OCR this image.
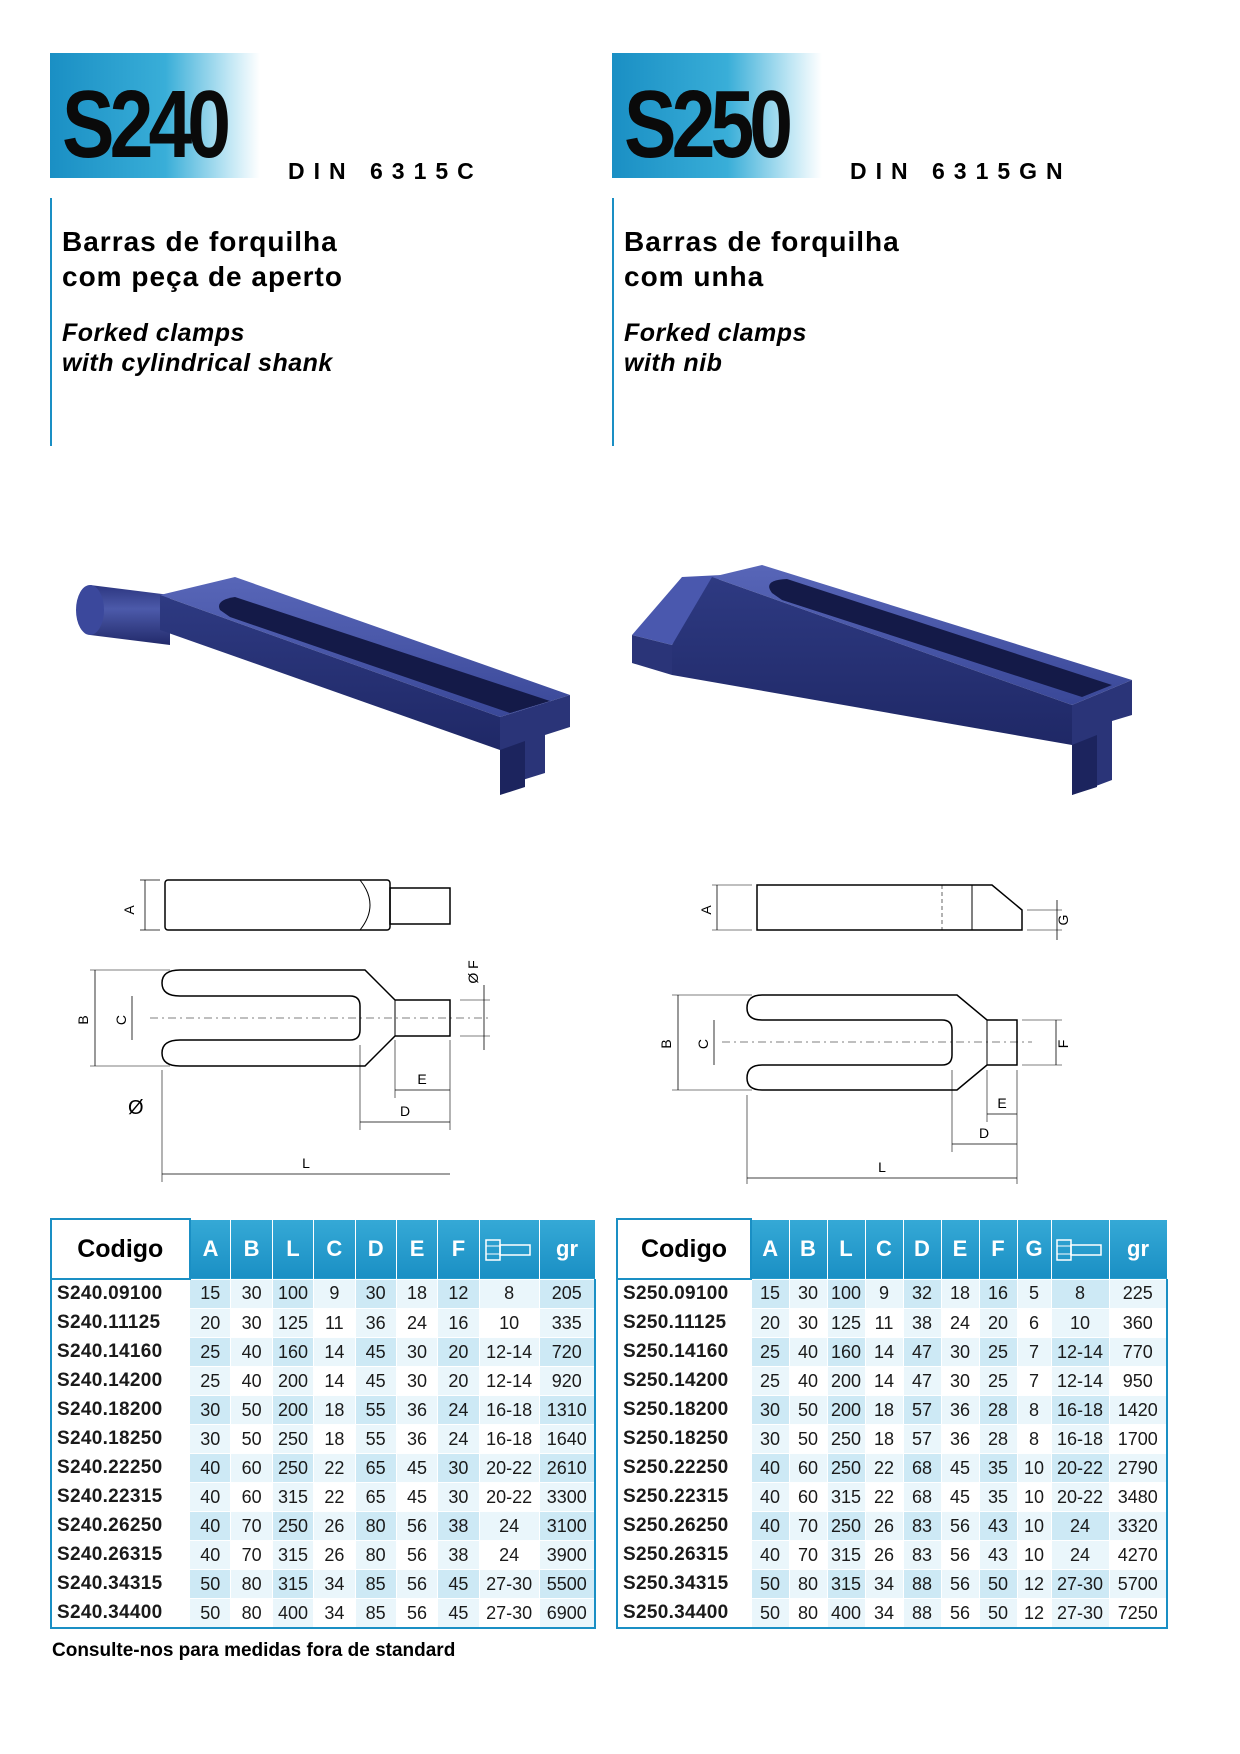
S240	DIN 6315C
Barras de forquilha
com peça de aperto
Forked clamps
with cylindrical shank
A
B C
Ø F
E
D
L
Ø
S250	DIN 6315GN
Barras de forquilha
com unha
Forked clamps
with nib
A
G
B C	F
E
D
L
Codigo	A	B	L	C	D	E	F		gr
S240.09100	15	30	100	9	30	18	12	8	205
S240.11125	20	30	125	11	36	24	16	10	335
S240.14160	25	40	160	14	45	30	20	12-14	720
S240.14200	25	40	200	14	45	30	20	12-14	920
S240.18200	30	50	200	18	55	36	24	16-18	1310
S240.18250	30	50	250	18	55	36	24	16-18	1640
S240.22250	40	60	250	22	65	45	30	20-22	2610
S240.22315	40	60	315	22	65	45	30	20-22	3300
S240.26250	40	70	250	26	80	56	38	24	3100
S240.26315	40	70	315	26	80	56	38	24	3900
S240.34315	50	80	315	34	85	56	45	27-30	5500
S240.34400	50	80	400	34	85	56	45	27-30	6900
Codigo	A	B	L	C	D	E	F	G		gr
S250.09100	15	30	100	9	32	18	16	5	8	225
S250.11125	20	30	125	11	38	24	20	6	10	360
S250.14160	25	40	160	14	47	30	25	7	12-14	770
S250.14200	25	40	200	14	47	30	25	7	12-14	950
S250.18200	30	50	200	18	57	36	28	8	16-18	1420
S250.18250	30	50	250	18	57	36	28	8	16-18	1700
S250.22250	40	60	250	22	68	45	35	10	20-22	2790
S250.22315	40	60	315	22	68	45	35	10	20-22	3480
S250.26250	40	70	250	26	83	56	43	10	24	3320
S250.26315	40	70	315	26	83	56	43	10	24	4270
S250.34315	50	80	315	34	88	56	50	12	27-30	5700
S250.34400	50	80	400	34	88	56	50	12	27-30	7250
Consulte-nos para medidas fora de standard
